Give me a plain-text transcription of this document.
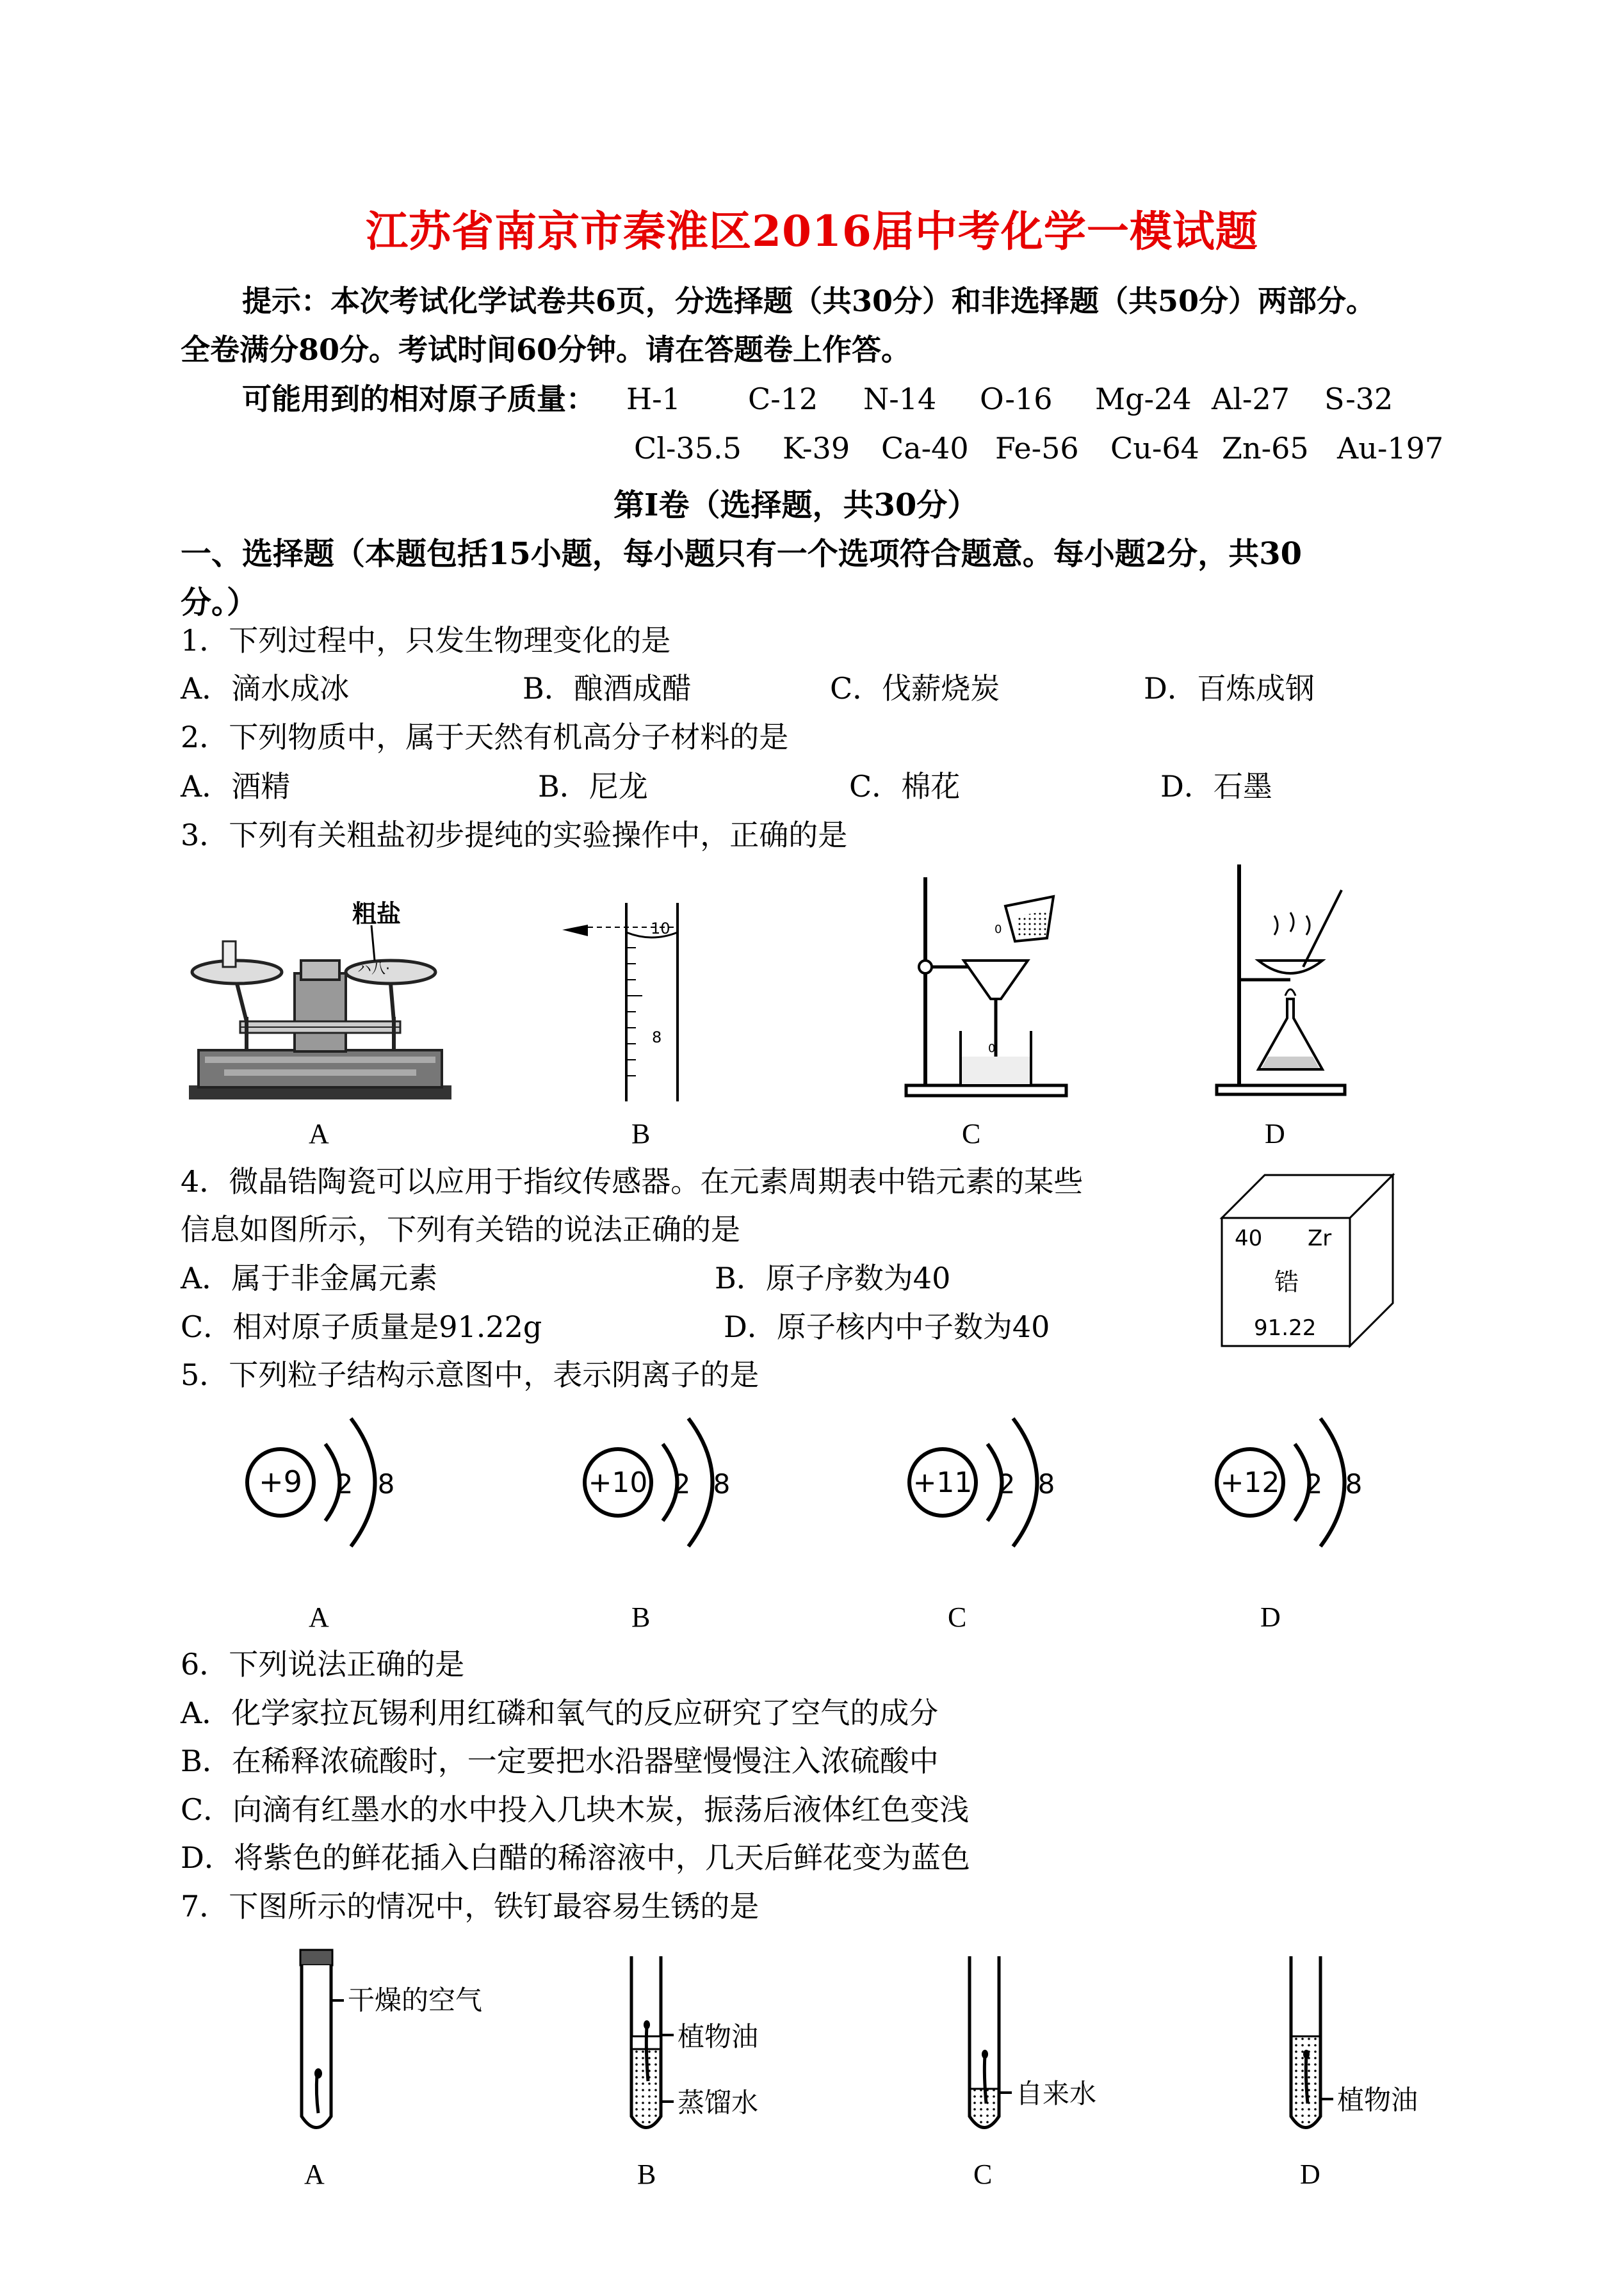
江苏省南京市秦淮区2016届中考化学一模试题
提示：本次考试化学试卷共6页，分选择题（共30分）和非选择题（共50分）两部分。
全卷满分80分。考试时间60分钟。请在答题卷上作答。
可能用到的相对原子质量： H-1 C-12 N-14 O-16 Mg-24 Al-27 S-32
Cl-35.5 K-39 Ca-40 Fe-56 Cu-64 Zn-65 Au-197
第Ⅰ卷（选择题，共30分）
一、选择题（本题包括15小题，每小题只有一个选项符合题意。每小题2分，共30
分。）
1．下列过程中，只发生物理变化的是
A．滴水成冰	B．酿酒成醋	C．伐薪烧炭	D．百炼成钢
2．下列物质中，属于天然有机高分子材料的是
A．酒精	B．尼龙	C．棉花	D．石墨
3．下列有关粗盐初步提纯的实验操作中，正确的是
ハ八·
粗盐
A
10
8
B
0
0
C	D
4．微晶锆陶瓷可以应用于指纹传感器。在元素周期表中锆元素的某些
信息如图所示，下列有关锆的说法正确的是
A．属于非金属元素	B．原子序数为40
C．相对原子质量是91.22g	D．原子核内中子数为40
40 Zr
锆
91.22
5．下列粒子结构示意图中，表示阴离子的是
+9 2 8
A
+10 2 8
B
+11 2 8
C
+12 2 8
D
6．下列说法正确的是
A．化学家拉瓦锡利用红磷和氧气的反应研究了空气的成分
B．在稀释浓硫酸时，一定要把水沿器壁慢慢注入浓硫酸中
C．向滴有红墨水的水中投入几块木炭，振荡后液体红色变浅
D．将紫色的鲜花插入白醋的稀溶液中，几天后鲜花变为蓝色
7．下图所示的情况中，铁钉最容易生锈的是
干燥的空气
A
植物油
蒸馏水
B
自来水
C
植物油
D
